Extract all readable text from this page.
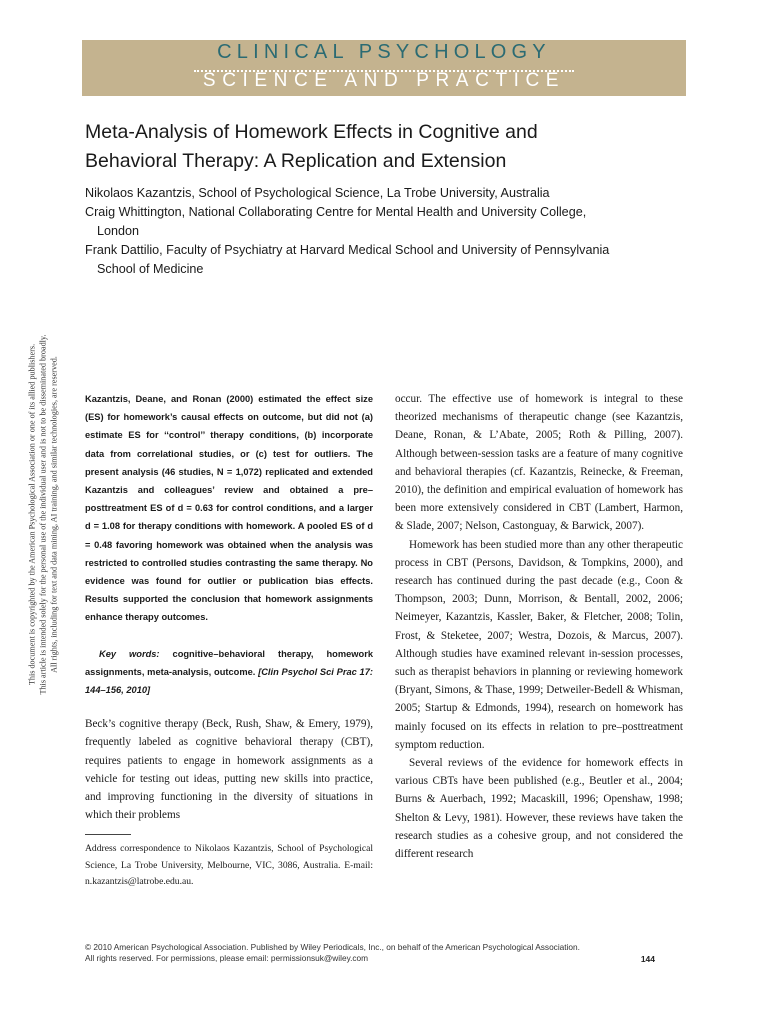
CLINICAL PSYCHOLOGY
SCIENCE AND PRACTICE
Meta-Analysis of Homework Effects in Cognitive and
Behavioral Therapy: A Replication and Extension
Nikolaos Kazantzis, School of Psychological Science, La Trobe University, Australia
Craig Whittington, National Collaborating Centre for Mental Health and University College,
London
Frank Dattilio, Faculty of Psychiatry at Harvard Medical School and University of Pennsylvania
School of Medicine
This document is copyrighted by the American Psychological Association or one of its allied publishers. This article is intended solely for the personal use of the individual user and is not to be disseminated broadly. All rights, including for text and data mining, AI training, and similar technologies, are reserved.	Kazantzis, Deane, and Ronan (2000) estimated the effect size (ES) for homework’s causal effects on outcome, but did not (a) estimate ES for ‘‘control’’ therapy conditions, (b) incorporate data from correlational studies, or (c) test for outliers. The present analysis (46 studies, N = 1,072) replicated and extended Kazantzis and colleagues’ review and obtained a pre–posttreatment ES of d = 0.63 for control conditions, and a larger d = 1.08 for therapy conditions with homework. A pooled ES of d = 0.48 favoring homework was obtained when the analysis was restricted to controlled studies contrasting the same therapy. No evidence was found for outlier or publication bias effects. Results supported the conclusion that homework assignments enhance therapy outcomes.
Key words: cognitive–behavioral therapy, homework assignments, meta-analysis, outcome. [Clin Psychol Sci Prac 17: 144–156, 2010]
Beck’s cognitive therapy (Beck, Rush, Shaw, & Emery, 1979), frequently labeled as cognitive behavioral therapy (CBT), requires patients to engage in homework assignments as a vehicle for testing out ideas, putting new skills into practice, and improving functioning in the diversity of situations in which their problems
Address correspondence to Nikolaos Kazantzis, School of Psychological Science, La Trobe University, Melbourne, VIC, 3086, Australia. E-mail: n.kazantzis@latrobe.edu.au.

occur. The effective use of homework is integral to these theorized mechanisms of therapeutic change (see Kazantzis, Deane, Ronan, & L’Abate, 2005; Roth & Pilling, 2007). Although between-session tasks are a feature of many cognitive and behavioral therapies (cf. Kazantzis, Reinecke, & Freeman, 2010), the definition and empirical evaluation of homework has been more extensively considered in CBT (Lambert, Harmon, & Slade, 2007; Nelson, Castonguay, & Barwick, 2007).

Homework has been studied more than any other therapeutic process in CBT (Persons, Davidson, & Tompkins, 2000), and research has continued during the past decade (e.g., Coon & Thompson, 2003; Dunn, Morrison, & Bentall, 2002, 2006; Neimeyer, Kazantzis, Kassler, Baker, & Fletcher, 2008; Tolin, Frost, & Steketee, 2007; Westra, Dozois, & Marcus, 2007). Although studies have examined relevant in-session processes, such as therapist behaviors in planning or reviewing homework (Bryant, Simons, & Thase, 1999; Detweiler-Bedell & Whisman, 2005; Startup & Edmonds, 1994), research on homework has mainly focused on its effects in relation to pre–posttreatment symptom reduction.

Several reviews of the evidence for homework effects in various CBTs have been published (e.g., Beutler et al., 2004; Burns & Auerbach, 1992; Macaskill, 1996; Openshaw, 1998; Shelton & Levy, 1981). However, these reviews have taken the research studies as a cohesive group, and not considered the different research

© 2010 American Psychological Association. Published by Wiley Periodicals, Inc., on behalf of the American Psychological Association.
All rights reserved. For permissions, please email: permissionsuk@wiley.com	144
